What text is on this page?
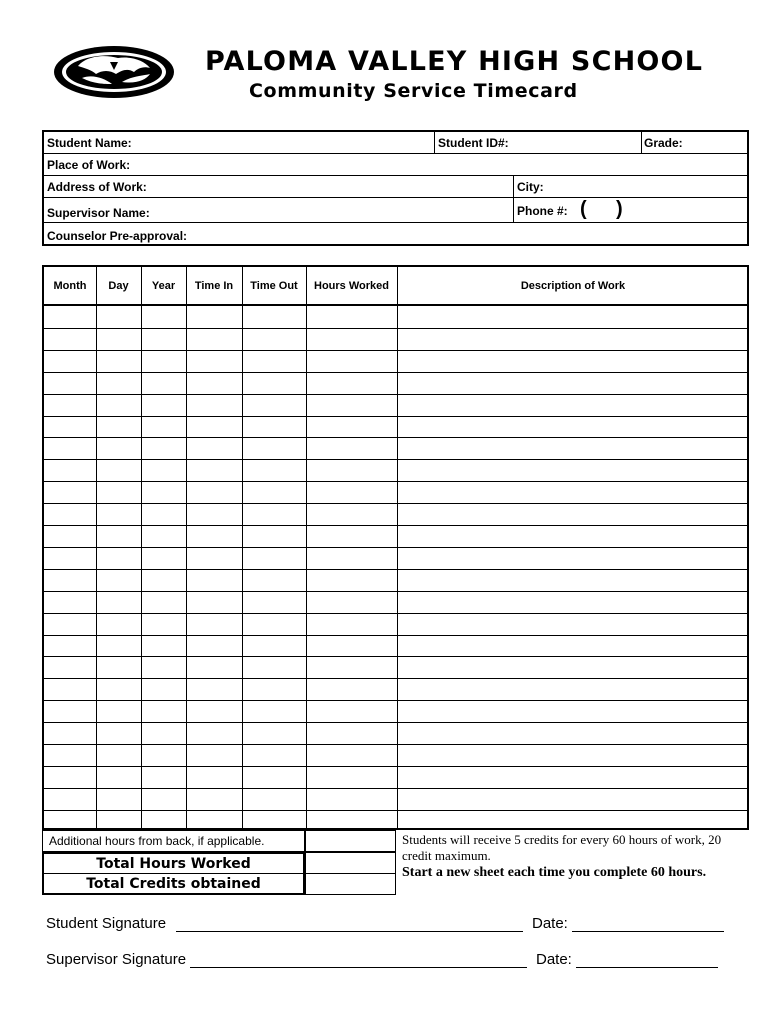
PALOMA VALLEY HIGH SCHOOL
Community Service Timecard
Student Name:	Student ID#:	Grade:
Place of Work:
Address of Work:	City:
Supervisor Name:	Phone #: ( )
Counselor Pre-approval:
Month	Day	Year	Time In	Time Out	Hours Worked	Description of Work
Additional hours from back, if applicable.
Total Hours Worked
Total Credits obtained
Students will receive 5 credits for every 60 hours of work, 20 credit maximum.
Start a new sheet each time you complete 60 hours.
Student Signature	Date:
Supervisor Signature	Date:
